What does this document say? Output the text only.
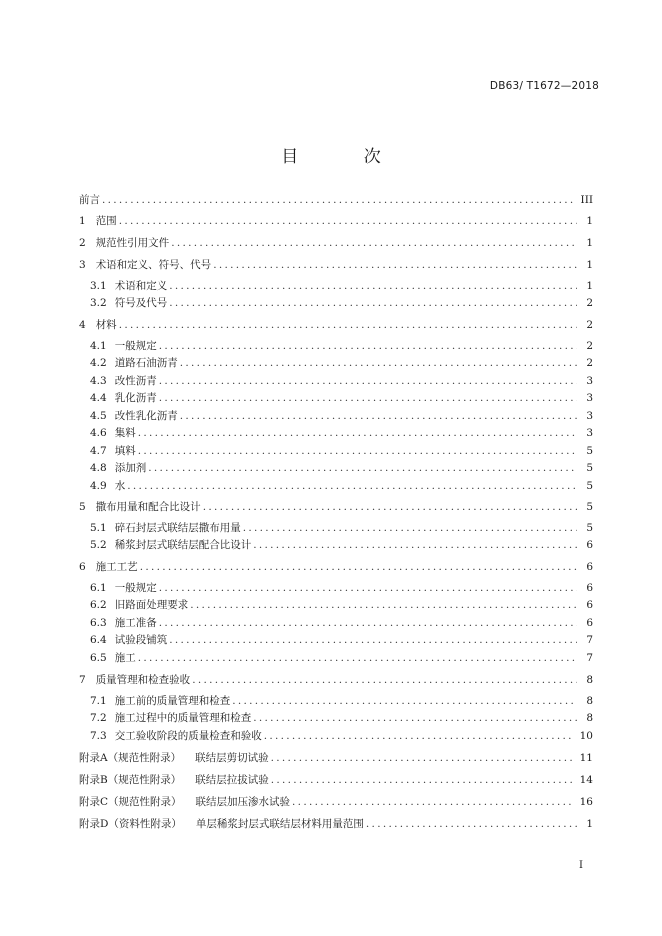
DB63/ T1672—2018
目 次
前言 .....	III
1 范围 .....	1
2 规范性引用文件 .....	1
3 术语和定义、符号、代号 .....	1
3.1 术语和定义 .....	1
3.2 符号及代号 .....	2
4 材料 .....	2
4.1 一般规定 .....	2
4.2 道路石油沥青 .....	2
4.3 改性沥青 .....	3
4.4 乳化沥青 .....	3
4.5 改性乳化沥青 .....	3
4.6 集料 .....	3
4.7 填料 .....	5
4.8 添加剂 .....	5
4.9 水 .....	5
5 撒布用量和配合比设计 .....	5
5.1 碎石封层式联结层撒布用量 .....	5
5.2 稀浆封层式联结层配合比设计 .....	6
6 施工工艺 .....	6
6.1 一般规定 .....	6
6.2 旧路面处理要求 .....	6
6.3 施工准备 .....	6
6.4 试验段铺筑 .....	7
6.5 施工 .....	7
7 质量管理和检查验收 .....	8
7.1 施工前的质量管理和检查 .....	8
7.2 施工过程中的质量管理和检查 .....	8
7.3 交工验收阶段的质量检查和验收 .....	10
附录A（规范性附录）	联结层剪切试验 .....	11
附录B（规范性附录）	联结层拉拔试验 .....	14
附录C（规范性附录）	联结层加压渗水试验 .....	16
附录D（资料性附录）	单层稀浆封层式联结层材料用量范围 .....	1
I
